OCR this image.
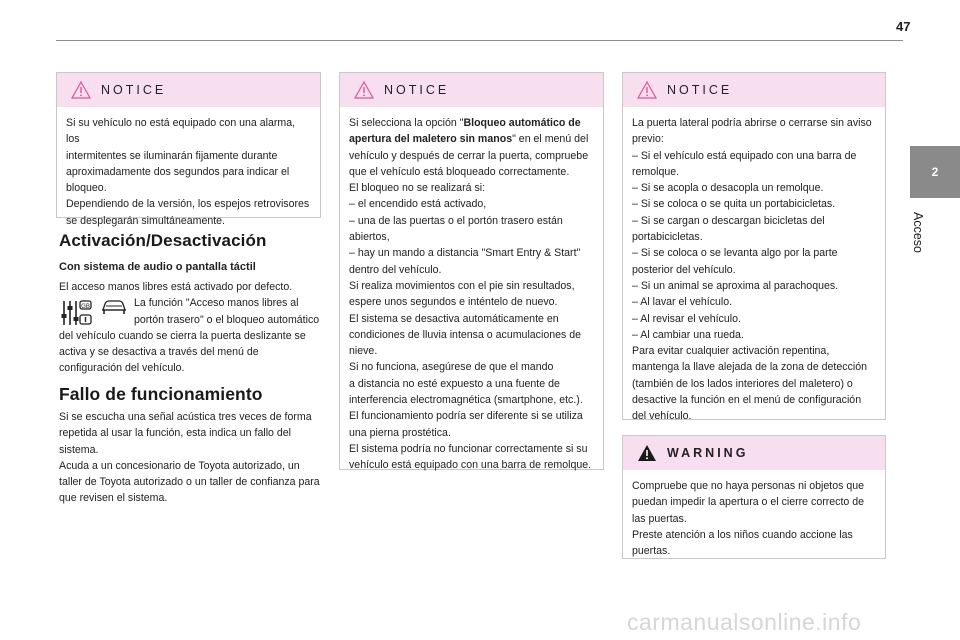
47
2
Acceso
NOTICE

Si su vehículo no está equipado con una alarma, los

intermitentes se iluminarán fijamente durante

aproximadamente dos segundos para indicar el

bloqueo.

Dependiendo de la versión, los espejos retrovisores

se desplegarán simultáneamente.

Activación/Desactivación
Con sistema de audio o pantalla táctil

El acceso manos libres está activado por defecto.

La función "Acceso manos libres al

portón trasero" o el bloqueo automático

del vehículo cuando se cierra la puerta deslizante se

activa y se desactiva a través del menú de

configuración del vehículo.

GB
Fallo de funcionamiento

Si se escucha una señal acústica tres veces de forma

repetida al usar la función, esta indica un fallo del

sistema.

Acuda a un concesionario de Toyota autorizado, un

taller de Toyota autorizado o un taller de confianza para

que revisen el sistema.

NOTICE

Si selecciona la opción "Bloqueo automático de

apertura del maletero sin manos" en el menú del

vehículo y después de cerrar la puerta, compruebe

que el vehículo está bloqueado correctamente.

El bloqueo no se realizará si:

– el encendido está activado,

– una de las puertas o el portón trasero están

abiertos,

– hay un mando a distancia "Smart Entry & Start"

dentro del vehículo.

Si realiza movimientos con el pie sin resultados,

espere unos segundos e inténtelo de nuevo.

El sistema se desactiva automáticamente en

condiciones de lluvia intensa o acumulaciones de

nieve.

Si no funciona, asegúrese de que el mando

a distancia no esté expuesto a una fuente de

interferencia electromagnética (smartphone, etc.).

El funcionamiento podría ser diferente si se utiliza

una pierna prostética.

El sistema podría no funcionar correctamente si su

vehículo está equipado con una barra de remolque.

NOTICE

La puerta lateral podría abrirse o cerrarse sin aviso

previo:

– Si el vehículo está equipado con una barra de

remolque.

– Si se acopla o desacopla un remolque.

– Si se coloca o se quita un portabicicletas.

– Si se cargan o descargan bicicletas del

portabicicletas.

– Si se coloca o se levanta algo por la parte

posterior del vehículo.

– Si un animal se aproxima al parachoques.

– Al lavar el vehículo.

– Al revisar el vehículo.

– Al cambiar una rueda.

Para evitar cualquier activación repentina,

mantenga la llave alejada de la zona de detección

(también de los lados interiores del maletero) o

desactive la función en el menú de configuración

del vehículo.

WARNING

Compruebe que no haya personas ni objetos que

puedan impedir la apertura o el cierre correcto de

las puertas.

Preste atención a los niños cuando accione las

puertas.

carmanualsonline.info
